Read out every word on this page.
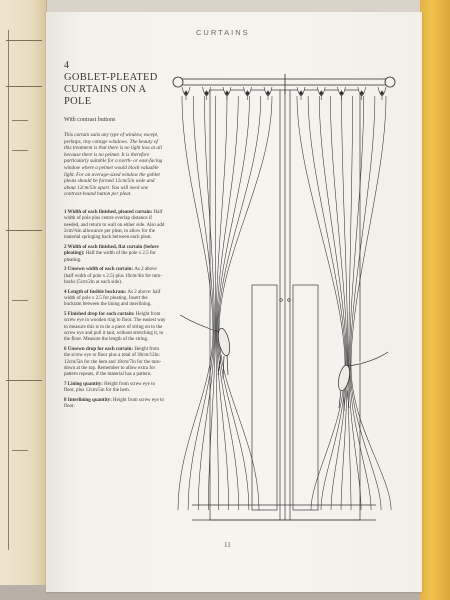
CURTAINS
4
GOBLET-PLEATED
CURTAINS ON A
POLE
With contrast buttons
This curtain suits any type of window, except, perhaps, tiny cottage windows. The beauty of this treatment is that there is no light loss at all because there is no pelmet. It is therefore particularly suitable for a north- or east-facing window where a pelmet would block valuable light. For an average-sized window the goblet pleats should be formed 12cm/5in wide and about 12cm/5in apart. You will need one contrast-bound button per pleat.
1 Width of each finished, pleated curtain: Half width of pole plus centre overlap distance if needed, and return to wall on either side. Also add 2cm/¾in allowance per pleat, to allow for the material springing back between each pleat.
2 Width of each finished, flat curtain (before pleating): Half the width of the pole x 2.5 for pleating.
3 Unsewn width of each curtain: As 2 above (half width of pole x 2.5) plus 10cm/4in for turn-backs (5cm/2in at each side).
4 Length of fusible buckram: As 2 above: half width of pole x 2.5 for pleating. Insert the buckram between the lining and interlining.
5 Finished drop for each curtain: Height from screw eye in wooden ring to floor. The easiest way to measure this is to tie a piece of string on to the screw eye and pull it taut, without stretching it, to the floor. Measure the length of the string.
6 Unsewn drop for each curtain: Height from the screw eye to floor plus a total of 30cm/12in: 12cm/5in for the hem and 18cm/7in for the turn-down at the top. Remember to allow extra for pattern repeats, if the material has a pattern.
7 Lining quantity: Height from screw eye to floor, plus 12cm/5in for the hem.
8 Interlining quantity: Height from screw eye to floor.
11
